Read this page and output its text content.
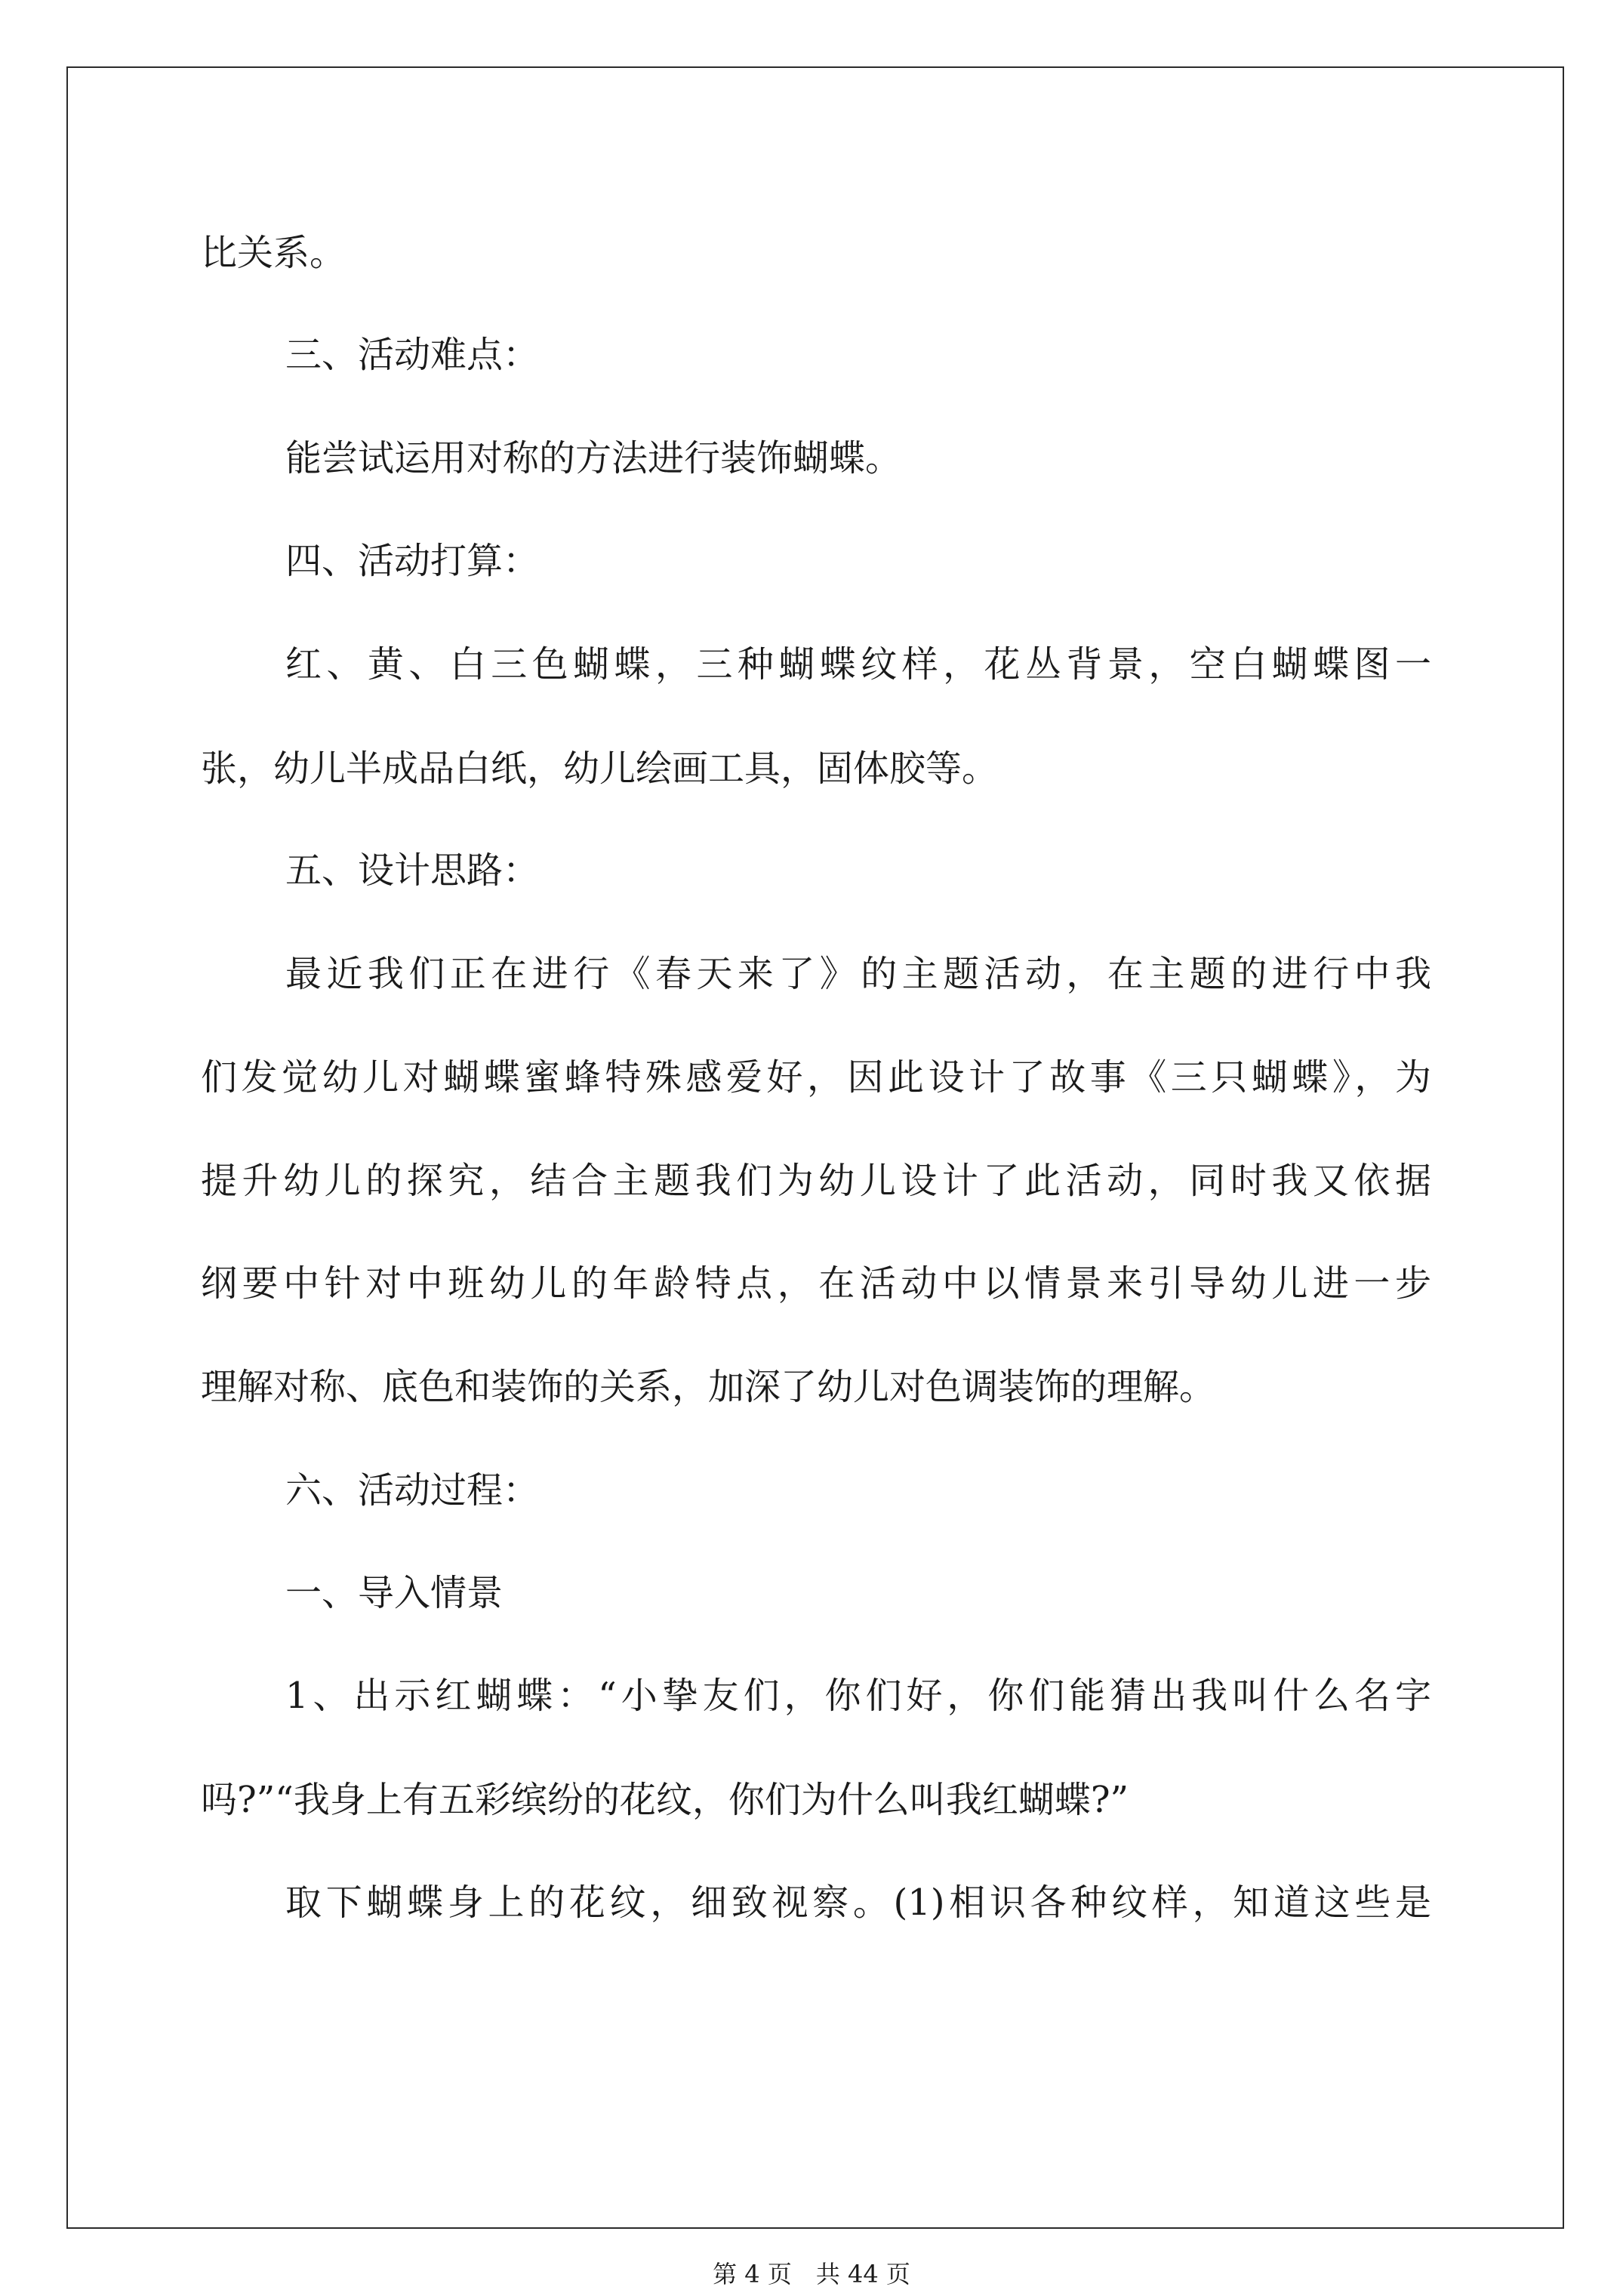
比关系。
三、活动难点：
能尝试运用对称的方法进行装饰蝴蝶。
四、活动打算：
红、黄、白三色蝴蝶，三种蝴蝶纹样，花丛背景，空白蝴蝶图一
张，幼儿半成品白纸，幼儿绘画工具，固体胶等。
五、设计思路：
最近我们正在进行《春天来了》的主题活动，在主题的进行中我
们发觉幼儿对蝴蝶蜜蜂特殊感爱好，因此设计了故事《三只蝴蝶》，为
提升幼儿的探究，结合主题我们为幼儿设计了此活动，同时我又依据
纲要中针对中班幼儿的年龄特点，在活动中以情景来引导幼儿进一步
理解对称、底色和装饰的关系，加深了幼儿对色调装饰的理解。
六、活动过程：
一、导入情景
1、出示红蝴蝶：“小挚友们，你们好，你们能猜出我叫什么名字
吗?”“我身上有五彩缤纷的花纹，你们为什么叫我红蝴蝶?”
取下蝴蝶身上的花纹，细致视察。(1)相识各种纹样，知道这些是
第 4 页　共 44 页
